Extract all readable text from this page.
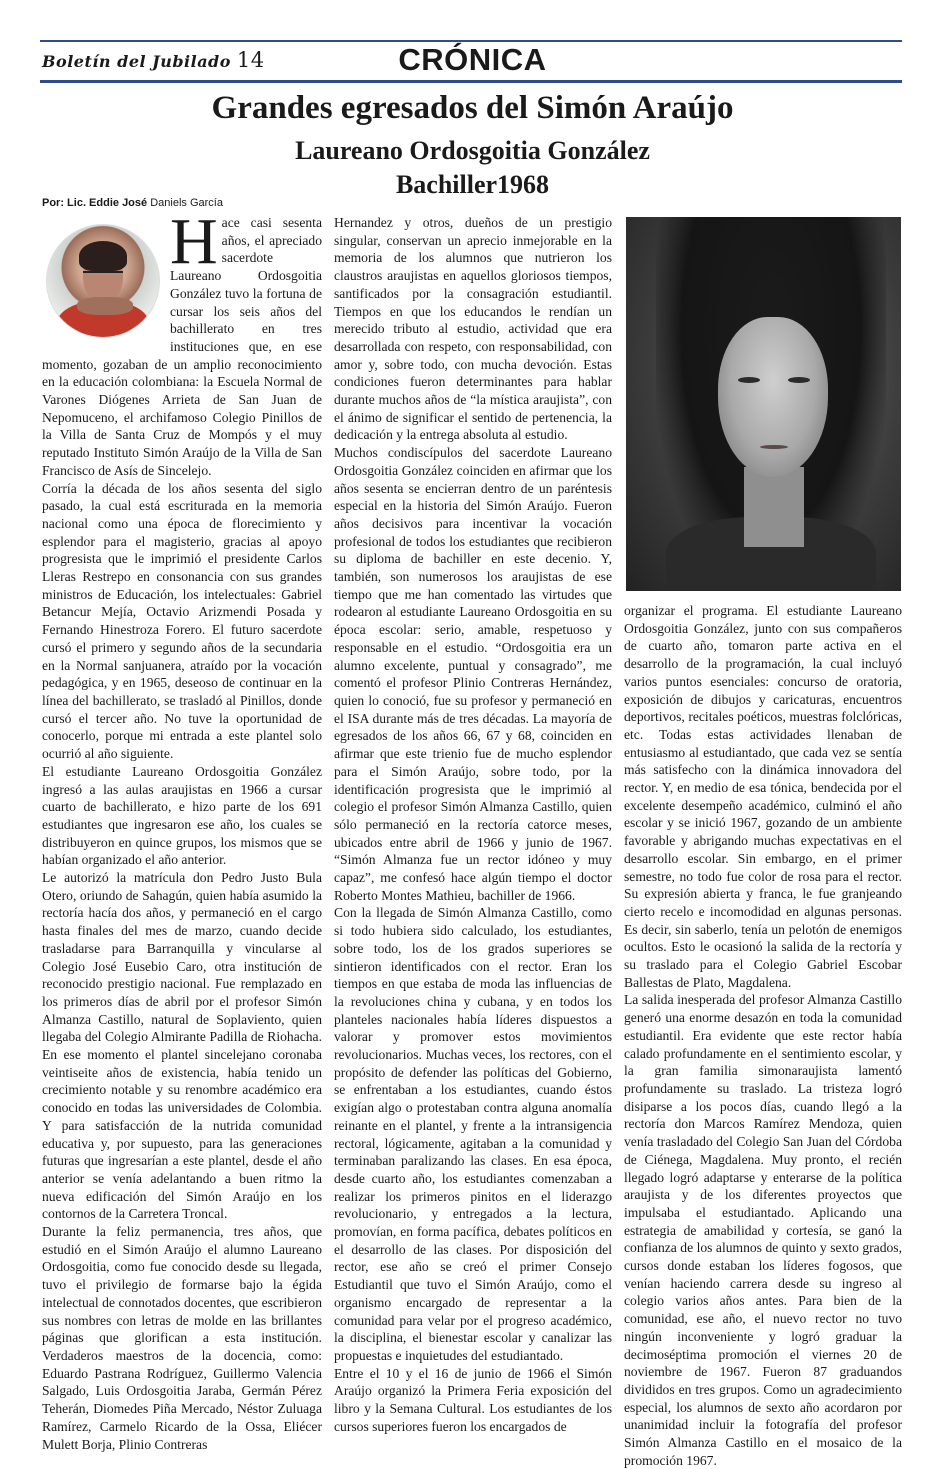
Boletín del Jubilado 14	CRÓNICA
Grandes egresados del Simón Araújo
Laureano Ordosgoitia González
Bachiller1968
Por: Lic. Eddie José Daniels García

Hace casi sesenta años, el apreciado sacerdote Laureano Ordosgoitia González tuvo la fortuna de cursar los seis años del bachillerato en tres instituciones que, en ese momento, gozaban de un amplio reconocimiento en la educación colombiana: la Escuela Normal de Varones Diógenes Arrieta de San Juan de Nepomuceno, el archifamoso Colegio Pinillos de la Villa de Santa Cruz de Mompós y el muy reputado Instituto Simón Araújo de la Villa de San Francisco de Asís de Sincelejo.

Corría la década de los años sesenta del siglo pasado, la cual está escriturada en la memoria nacional como una época de florecimiento y esplendor para el magisterio, gracias al apoyo progresista que le imprimió el presidente Carlos Lleras Restrepo en consonancia con sus grandes ministros de Educación, los intelectuales: Gabriel Betancur Mejía, Octavio Arizmendi Posada y Fernando Hinestroza Forero. El futuro sacerdote cursó el primero y segundo años de la secundaria en la Normal sanjuanera, atraído por la vocación pedagógica, y en 1965, deseoso de continuar en la línea del bachillerato, se trasladó al Pinillos, donde cursó el tercer año. No tuve la oportunidad de conocerlo, porque mi entrada a este plantel solo ocurrió al año siguiente.

El estudiante Laureano Ordosgoitia González ingresó a las aulas araujistas en 1966 a cursar cuarto de bachillerato, e hizo parte de los 691 estudiantes que ingresaron ese año, los cuales se distribuyeron en quince grupos, los mismos que se habían organizado el año anterior.

Le autorizó la matrícula don Pedro Justo Bula Otero, oriundo de Sahagún, quien había asumido la rectoría hacía dos años, y permaneció en el cargo hasta finales del mes de marzo, cuando decide trasladarse para Barranquilla y vincularse al Colegio José Eusebio Caro, otra institución de reconocido prestigio nacional. Fue remplazado en los primeros días de abril por el profesor Simón Almanza Castillo, natural de Soplaviento, quien llegaba del Colegio Almirante Padilla de Riohacha. En ese momento el plantel sincelejano coronaba veintiseite años de existencia, había tenido un crecimiento notable y su renombre académico era conocido en todas las universidades de Colombia. Y para satisfacción de la nutrida comunidad educativa y, por supuesto, para las generaciones futuras que ingresarían a este plantel, desde el año anterior se venía adelantando a buen ritmo la nueva edificación del Simón Araújo en los contornos de la Carretera Troncal.

Durante la feliz permanencia, tres años, que estudió en el Simón Araújo el alumno Laureano Ordosgoitia, como fue conocido desde su llegada, tuvo el privilegio de formarse bajo la égida intelectual de connotados docentes, que escribieron sus nombres con letras de molde en las brillantes páginas que glorifican a esta institución. Verdaderos maestros de la docencia, como: Eduardo Pastrana Rodríguez, Guillermo Valencia Salgado, Luis Ordosgoitia Jaraba, Germán Pérez Teherán, Diomedes Piña Mercado, Néstor Zuluaga Ramírez, Carmelo Ricardo de la Ossa, Eliécer Mulett Borja, Plinio Contreras

Hernandez y otros, dueños de un prestigio singular, conservan un aprecio inmejorable en la memoria de los alumnos que nutrieron los claustros araujistas en aquellos gloriosos tiempos, santificados por la consagración estudiantil. Tiempos en que los educandos le rendían un merecido tributo al estudio, actividad que era desarrollada con respeto, con responsabilidad, con amor y, sobre todo, con mucha devoción. Estas condiciones fueron determinantes para hablar durante muchos años de “la mística araujista”, con el ánimo de significar el sentido de pertenencia, la dedicación y la entrega absoluta al estudio.

Muchos condiscípulos del sacerdote Laureano Ordosgoitia González coinciden en afirmar que los años sesenta se encierran dentro de un paréntesis especial en la historia del Simón Araújo. Fueron años decisivos para incentivar la vocación profesional de todos los estudiantes que recibieron su diploma de bachiller en este decenio. Y, también, son numerosos los araujistas de ese tiempo que me han comentado las virtudes que rodearon al estudiante Laureano Ordosgoitia en su época escolar: serio, amable, respetuoso y responsable en el estudio. “Ordosgoitia era un alumno excelente, puntual y consagrado”, me comentó el profesor Plinio Contreras Hernández, quien lo conoció, fue su profesor y permaneció en el ISA durante más de tres décadas. La mayoría de egresados de los años 66, 67 y 68, coinciden en afirmar que este trienio fue de mucho esplendor para el Simón Araújo, sobre todo, por la identificación progresista que le imprimió al colegio el profesor Simón Almanza Castillo, quien sólo permaneció en la rectoría catorce meses, ubicados entre abril de 1966 y junio de 1967. “Simón Almanza fue un rector idóneo y muy capaz”, me confesó hace algún tiempo el doctor Roberto Montes Mathieu, bachiller de 1966.

Con la llegada de Simón Almanza Castillo, como si todo hubiera sido calculado, los estudiantes, sobre todo, los de los grados superiores se sintieron identificados con el rector. Eran los tiempos en que estaba de moda las influencias de la revoluciones china y cubana, y en todos los planteles nacionales había líderes dispuestos a valorar y promover estos movimientos revolucionarios. Muchas veces, los rectores, con el propósito de defender las políticas del Gobierno, se enfrentaban a los estudiantes, cuando éstos exigían algo o protestaban contra alguna anomalía reinante en el plantel, y frente a la intransigencia rectoral, lógicamente, agitaban a la comunidad y terminaban paralizando las clases. En esa época, desde cuarto año, los estudiantes comenzaban a realizar los primeros pinitos en el liderazgo revolucionario, y entregados a la lectura, promovían, en forma pacífica, debates políticos en el desarrollo de las clases. Por disposición del rector, ese año se creó el primer Consejo Estudiantil que tuvo el Simón Araújo, como el organismo encargado de representar a la comunidad para velar por el progreso académico, la disciplina, el bienestar escolar y canalizar las propuestas e inquietudes del estudiantado.

Entre el 10 y el 16 de junio de 1966 el Simón Araújo organizó la Primera Feria exposición del libro y la Semana Cultural. Los estudiantes de los cursos superiores fueron los encargados de

organizar el programa. El estudiante Laureano Ordosgoitia González, junto con sus compañeros de cuarto año, tomaron parte activa en el desarrollo de la programación, la cual incluyó varios puntos esenciales: concurso de oratoria, exposición de dibujos y caricaturas, encuentros deportivos, recitales poéticos, muestras folclóricas, etc. Todas estas actividades llenaban de entusiasmo al estudiantado, que cada vez se sentía más satisfecho con la dinámica innovadora del rector. Y, en medio de esa tónica, bendecida por el excelente desempeño académico, culminó el año escolar y se inició 1967, gozando de un ambiente favorable y abrigando muchas expectativas en el desarrollo escolar. Sin embargo, en el primer semestre, no todo fue color de rosa para el rector. Su expresión abierta y franca, le fue granjeando cierto recelo e incomodidad en algunas personas. Es decir, sin saberlo, tenía un pelotón de enemigos ocultos. Esto le ocasionó la salida de la rectoría y su traslado para el Colegio Gabriel Escobar Ballestas de Plato, Magdalena.

La salida inesperada del profesor Almanza Castillo generó una enorme desazón en toda la comunidad estudiantil. Era evidente que este rector había calado profundamente en el sentimiento escolar, y la gran familia simonaraujista lamentó profundamente su traslado. La tristeza logró disiparse a los pocos días, cuando llegó a la rectoría don Marcos Ramírez Mendoza, quien venía trasladado del Colegio San Juan del Córdoba de Ciénega, Magdalena. Muy pronto, el recién llegado logró adaptarse y enterarse de la política araujista y de los diferentes proyectos que impulsaba el estudiantado. Aplicando una estrategia de amabilidad y cortesía, se ganó la confianza de los alumnos de quinto y sexto grados, cursos donde estaban los líderes fogosos, que venían haciendo carrera desde su ingreso al colegio varios años antes. Para bien de la comunidad, ese año, el nuevo rector no tuvo ningún inconveniente y logró graduar la decimoséptima promoción el viernes 20 de noviembre de 1967. Fueron 87 graduandos divididos en tres grupos. Como un agradecimiento especial, los alumnos de sexto año acordaron por unanimidad incluir la fotografía del profesor Simón Almanza Castillo en el mosaico de la promoción 1967.
